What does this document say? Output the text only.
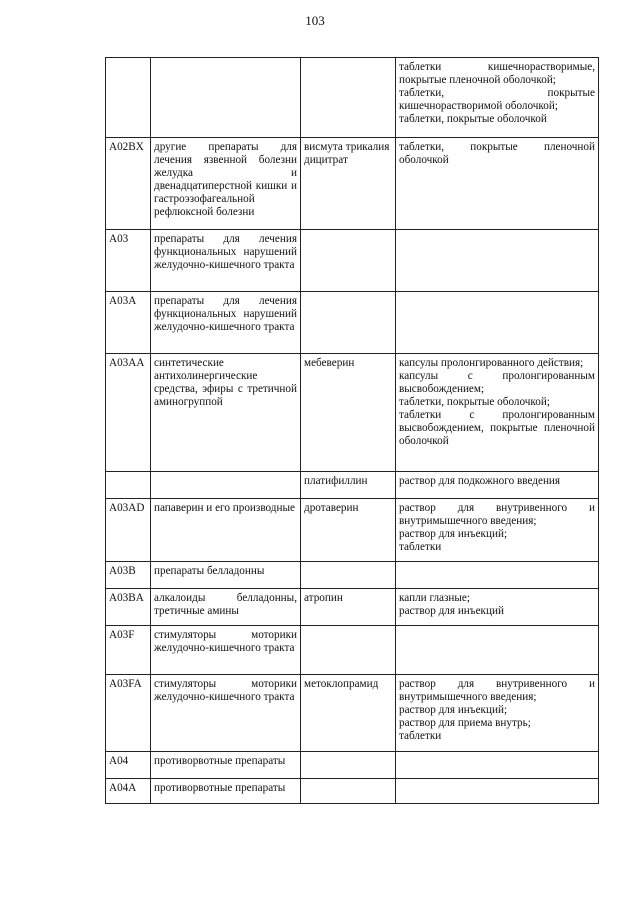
103

			таблетки кишечнорастворимые, покрытые пленочной оболочкой;
таблетки, покрытые кишечнорастворимой оболочкой;
таблетки, покрытые оболочкой

A02BX	другие препараты для лечения язвенной болезни желудка и двенадцатиперстной кишки и гастроэзофагеальной рефлюксной болезни	висмута трикалия дицитрат	таблетки, покрытые пленочной оболочкой

A03	препараты для лечения функциональных нарушений желудочно-кишечного тракта		
A03A	препараты для лечения функциональных нарушений желудочно-кишечного тракта		
A03AA	синтетические антихолинергические средства, эфиры с третичной аминогруппой	мебеверин	капсулы пролонгированного действия;
капсулы с пролонгированным высвобождением;
таблетки, покрытые оболочкой;
таблетки с пролонгированным высвобождением, покрытые пленочной оболочкой

		платифиллин	раствор для подкожного введения

A03AD	папаверин и его производные	дротаверин	раствор для внутривенного и внутримышечного введения;
раствор для инъекций;
таблетки

A03B	препараты белладонны		
A03BA	алкалоиды белладонны, третичные амины	атропин	капли глазные;
раствор для инъекций

A03F	стимуляторы моторики желудочно-кишечного тракта		
A03FA	стимуляторы моторики желудочно-кишечного тракта	метоклопрамид	раствор для внутривенного и внутримышечного введения;
раствор для инъекций;
раствор для приема внутрь;
таблетки

A04	противорвотные препараты		
A04A	противорвотные препараты		
